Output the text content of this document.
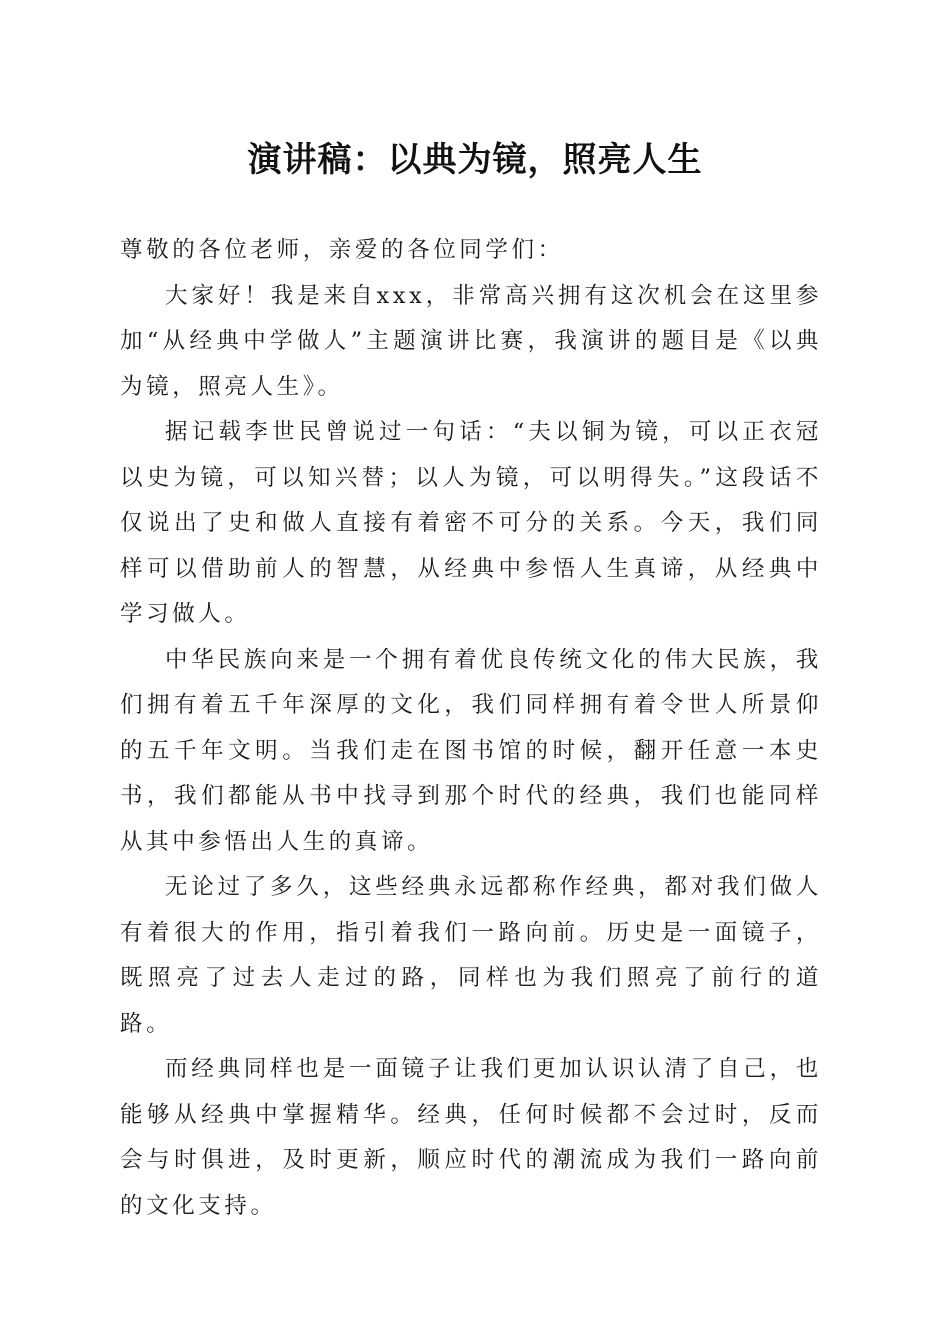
演讲稿：以典为镜，照亮人生

尊敬的各位老师，亲爱的各位同学们：

大家好！我是来自xxx，非常高兴拥有这次机会在这里参加“从经典中学做人”主题演讲比赛，我演讲的题目是《以典为镜，照亮人生》。

据记载李世民曾说过一句话：“夫以铜为镜，可以正衣冠以史为镜，可以知兴替；以人为镜，可以明得失。”这段话不仅说出了史和做人直接有着密不可分的关系。今天，我们同样可以借助前人的智慧，从经典中参悟人生真谛，从经典中学习做人。

中华民族向来是一个拥有着优良传统文化的伟大民族，我们拥有着五千年深厚的文化，我们同样拥有着令世人所景仰的五千年文明。当我们走在图书馆的时候，翻开任意一本史书，我们都能从书中找寻到那个时代的经典，我们也能同样从其中参悟出人生的真谛。

无论过了多久，这些经典永远都称作经典，都对我们做人有着很大的作用，指引着我们一路向前。历史是一面镜子，既照亮了过去人走过的路，同样也为我们照亮了前行的道路。

而经典同样也是一面镜子让我们更加认识认清了自己，也能够从经典中掌握精华。经典，任何时候都不会过时，反而会与时俱进，及时更新，顺应时代的潮流成为我们一路向前的文化支持。
